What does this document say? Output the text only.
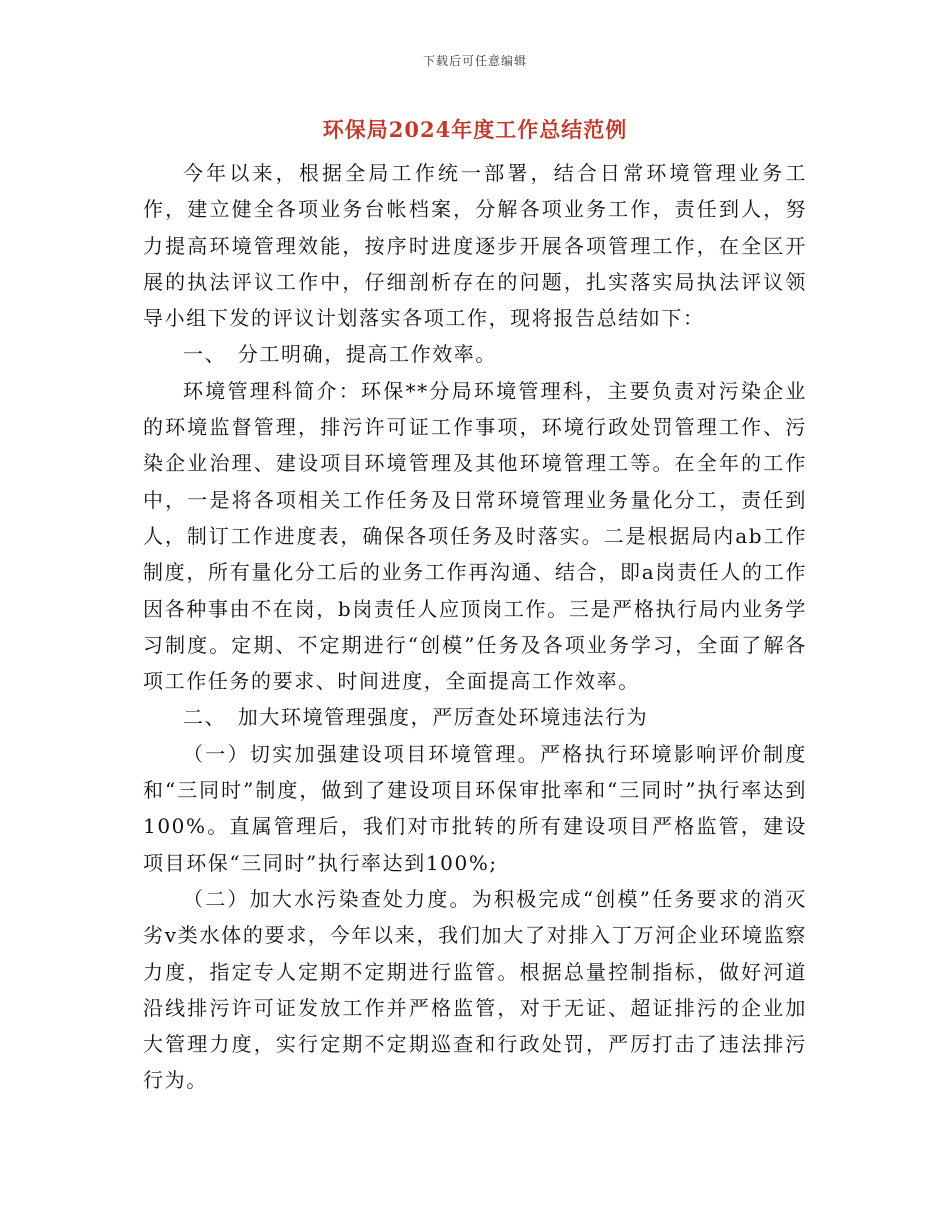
下载后可任意编辑
环保局2024年度工作总结范例

今年以来，根据全局工作统一部署，结合日常环境管理业务工作，建立健全各项业务台帐档案，分解各项业务工作，责任到人，努力提高环境管理效能，按序时进度逐步开展各项管理工作，在全区开展的执法评议工作中，仔细剖析存在的问题，扎实落实局执法评议领导小组下发的评议计划落实各项工作，现将报告总结如下：

一、　分工明确，提高工作效率。

环境管理科简介：环保**分局环境管理科，主要负责对污染企业的环境监督管理，排污许可证工作事项，环境行政处罚管理工作、污染企业治理、建设项目环境管理及其他环境管理工等。在全年的工作中，一是将各项相关工作任务及日常环境管理业务量化分工，责任到人，制订工作进度表，确保各项任务及时落实。二是根据局内ab工作制度，所有量化分工后的业务工作再沟通、结合，即a岗责任人的工作因各种事由不在岗，b岗责任人应顶岗工作。三是严格执行局内业务学习制度。定期、不定期进行“创模”任务及各项业务学习，全面了解各项工作任务的要求、时间进度，全面提高工作效率。

二、　加大环境管理强度，严厉查处环境违法行为

（一）切实加强建设项目环境管理。严格执行环境影响评价制度和“三同时”制度，做到了建设项目环保审批率和“三同时”执行率达到100%。直属管理后，我们对市批转的所有建设项目严格监管，建设项目环保“三同时”执行率达到100%;

（二）加大水污染查处力度。为积极完成“创模”任务要求的消灭劣v类水体的要求，今年以来，我们加大了对排入丁万河企业环境监察力度，指定专人定期不定期进行监管。根据总量控制指标，做好河道沿线排污许可证发放工作并严格监管，对于无证、超证排污的企业加大管理力度，实行定期不定期巡查和行政处罚，严厉打击了违法排污行为。
